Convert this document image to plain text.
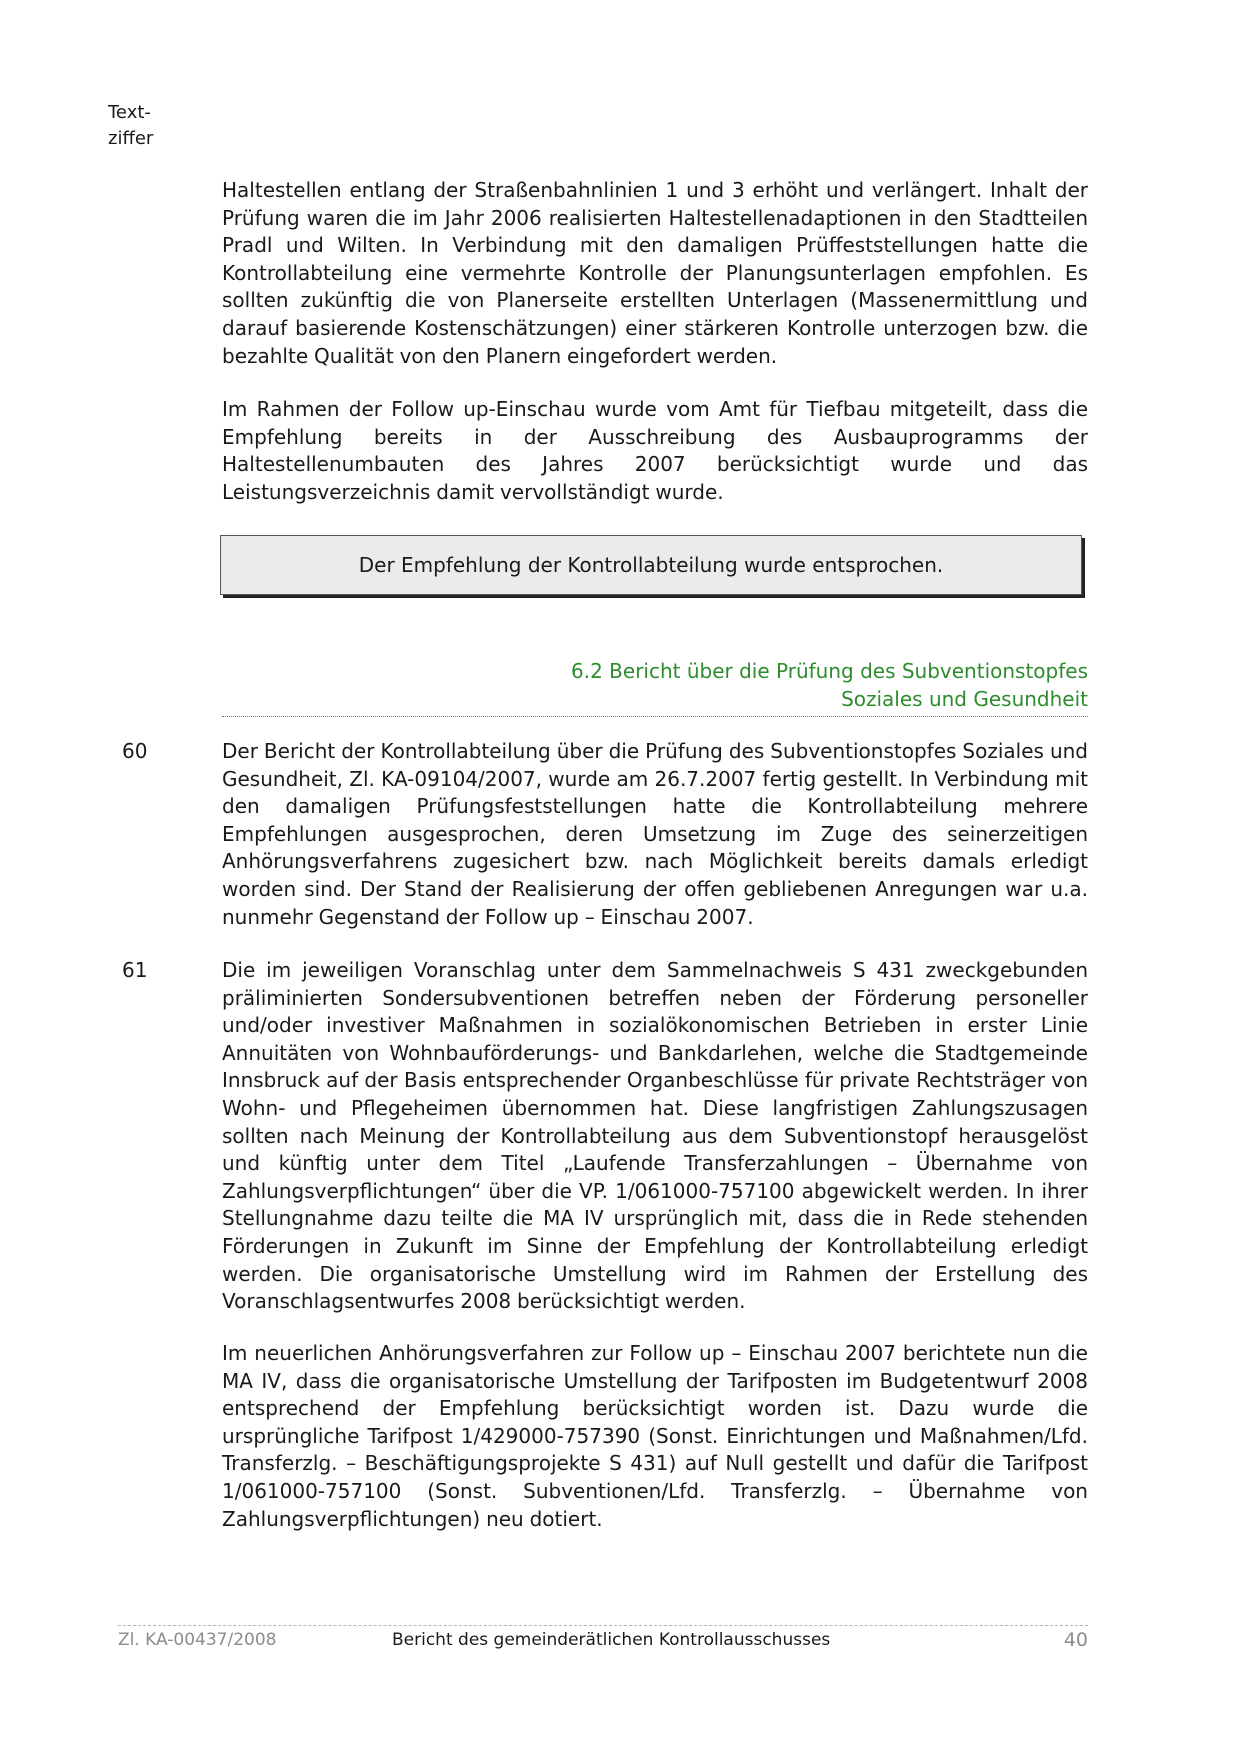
Text-
ziffer

Haltestellen entlang der Straßenbahnlinien 1 und 3 erhöht und verlängert. Inhalt der Prüfung waren die im Jahr 2006 realisierten Haltestellenadaptionen in den Stadtteilen Pradl und Wilten. In Verbindung mit den damaligen Prüffeststellungen hatte die Kontrollabteilung eine vermehrte Kontrolle der Planungsunterlagen empfohlen. Es sollten zukünftig die von Planerseite erstellten Unterlagen (Massenermittlung und darauf basierende Kostenschätzungen) einer stärkeren Kontrolle unterzogen bzw. die bezahlte Qualität von den Planern eingefordert werden.

Im Rahmen der Follow up-Einschau wurde vom Amt für Tiefbau mitgeteilt, dass die Empfehlung bereits in der Ausschreibung des Ausbauprogramms der Haltestellenumbauten des Jahres 2007 berücksichtigt wurde und das Leistungsverzeichnis damit vervollständigt wurde.

Der Empfehlung der Kontrollabteilung wurde entsprochen.
6.2 Bericht über die Prüfung des Subventionstopfes
Soziales und Gesundheit
60	Der Bericht der Kontrollabteilung über die Prüfung des Subventionstopfes Soziales und Gesundheit, Zl. KA-09104/2007, wurde am 26.7.2007 fertig gestellt. In Verbindung mit den damaligen Prüfungsfeststellungen hatte die Kontrollabteilung mehrere Empfehlungen ausgesprochen, deren Umsetzung im Zuge des seinerzeitigen Anhörungsverfahrens zugesichert bzw. nach Möglichkeit bereits damals erledigt worden sind. Der Stand der Realisierung der offen gebliebenen Anregungen war u.a. nunmehr Gegenstand der Follow up – Einschau 2007.

61	Die im jeweiligen Voranschlag unter dem Sammelnachweis S 431 zweckgebunden präliminierten Sondersubventionen betreffen neben der Förderung personeller und/oder investiver Maßnahmen in sozialökonomischen Betrieben in erster Linie Annuitäten von Wohnbauförderungs- und Bankdarlehen, welche die Stadtgemeinde Innsbruck auf der Basis entsprechender Organbeschlüsse für private Rechtsträger von Wohn- und Pflegeheimen übernommen hat. Diese langfristigen Zahlungszusagen sollten nach Meinung der Kontrollabteilung aus dem Subventionstopf herausgelöst und künftig unter dem Titel „Laufende Transferzahlungen – Übernahme von Zahlungsverpflichtungen“ über die VP. 1/061000-757100 abgewickelt werden. In ihrer Stellungnahme dazu teilte die MA IV ursprünglich mit, dass die in Rede stehenden Förderungen in Zukunft im Sinne der Empfehlung der Kontrollabteilung erledigt werden. Die organisatorische Umstellung wird im Rahmen der Erstellung des Voranschlagsentwurfes 2008 berücksichtigt werden.

Im neuerlichen Anhörungsverfahren zur Follow up – Einschau 2007 berichtete nun die MA IV, dass die organisatorische Umstellung der Tarifposten im Budgetentwurf 2008 entsprechend der Empfehlung berücksichtigt worden ist. Dazu wurde die ursprüngliche Tarifpost 1/429000-757390 (Sonst. Einrichtungen und Maßnahmen/Lfd. Transferzlg. – Beschäftigungsprojekte S 431) auf Null gestellt und dafür die Tarifpost 1/061000-757100 (Sonst. Subventionen/Lfd. Transferzlg. – Übernahme von Zahlungsverpflichtungen) neu dotiert.

Zl. KA-00437/2008	Bericht des gemeinderätlichen Kontrollausschusses	40
